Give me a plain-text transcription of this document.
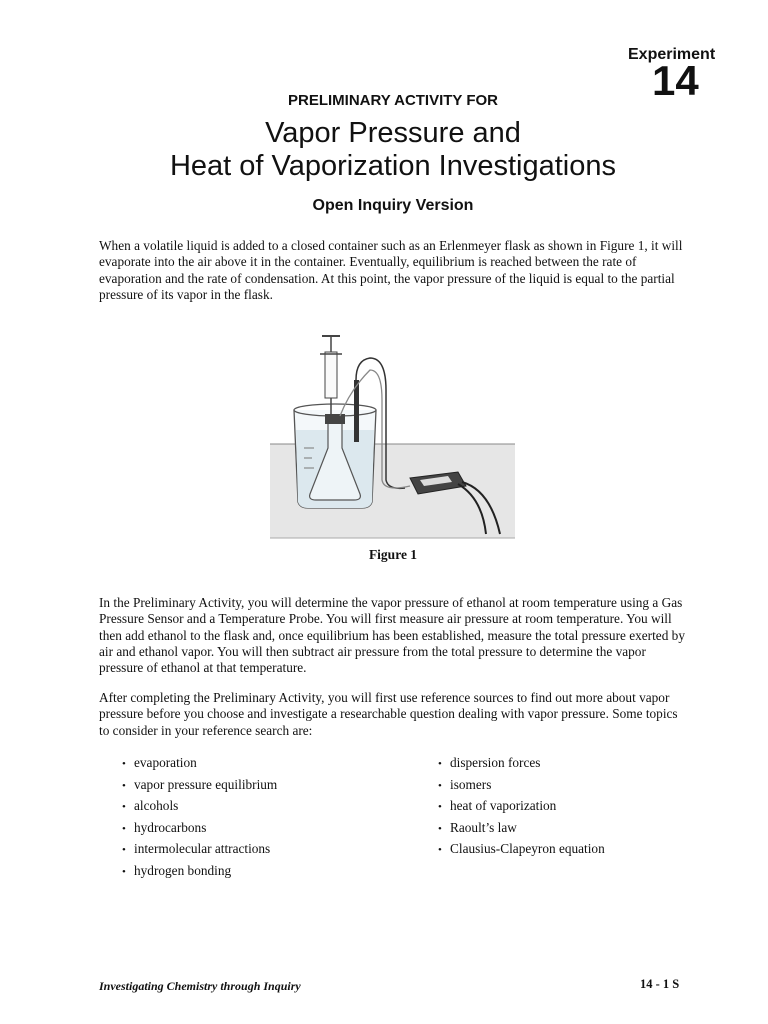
Experiment
14
PRELIMINARY ACTIVITY FOR
Vapor Pressure and
Heat of Vaporization Investigations
Open Inquiry Version

When a volatile liquid is added to a closed container such as an Erlenmeyer flask as shown in Figure 1, it will evaporate into the air above it in the container. Eventually, equilibrium is reached between the rate of evaporation and the rate of condensation. At this point, the vapor pressure of the liquid is equal to the partial pressure of its vapor in the flask.

Figure 1

In the Preliminary Activity, you will determine the vapor pressure of ethanol at room temperature using a Gas Pressure Sensor and a Temperature Probe. You will first measure air pressure at room temperature. You will then add ethanol to the flask and, once equilibrium has been established, measure the total pressure exerted by air and ethanol vapor. You will then subtract air pressure from the total pressure to determine the vapor pressure of ethanol at that temperature.

After completing the Preliminary Activity, you will first use reference sources to find out more about vapor pressure before you choose and investigate a researchable question dealing with vapor pressure. Some topics to consider in your reference search are:

• evaporation
• vapor pressure equilibrium
• alcohols
• hydrocarbons
• intermolecular attractions
• hydrogen bonding
• dispersion forces
• isomers
• heat of vaporization
• Raoult’s law
• Clausius-Clapeyron equation
Investigating Chemistry through Inquiry	14 - 1 S
